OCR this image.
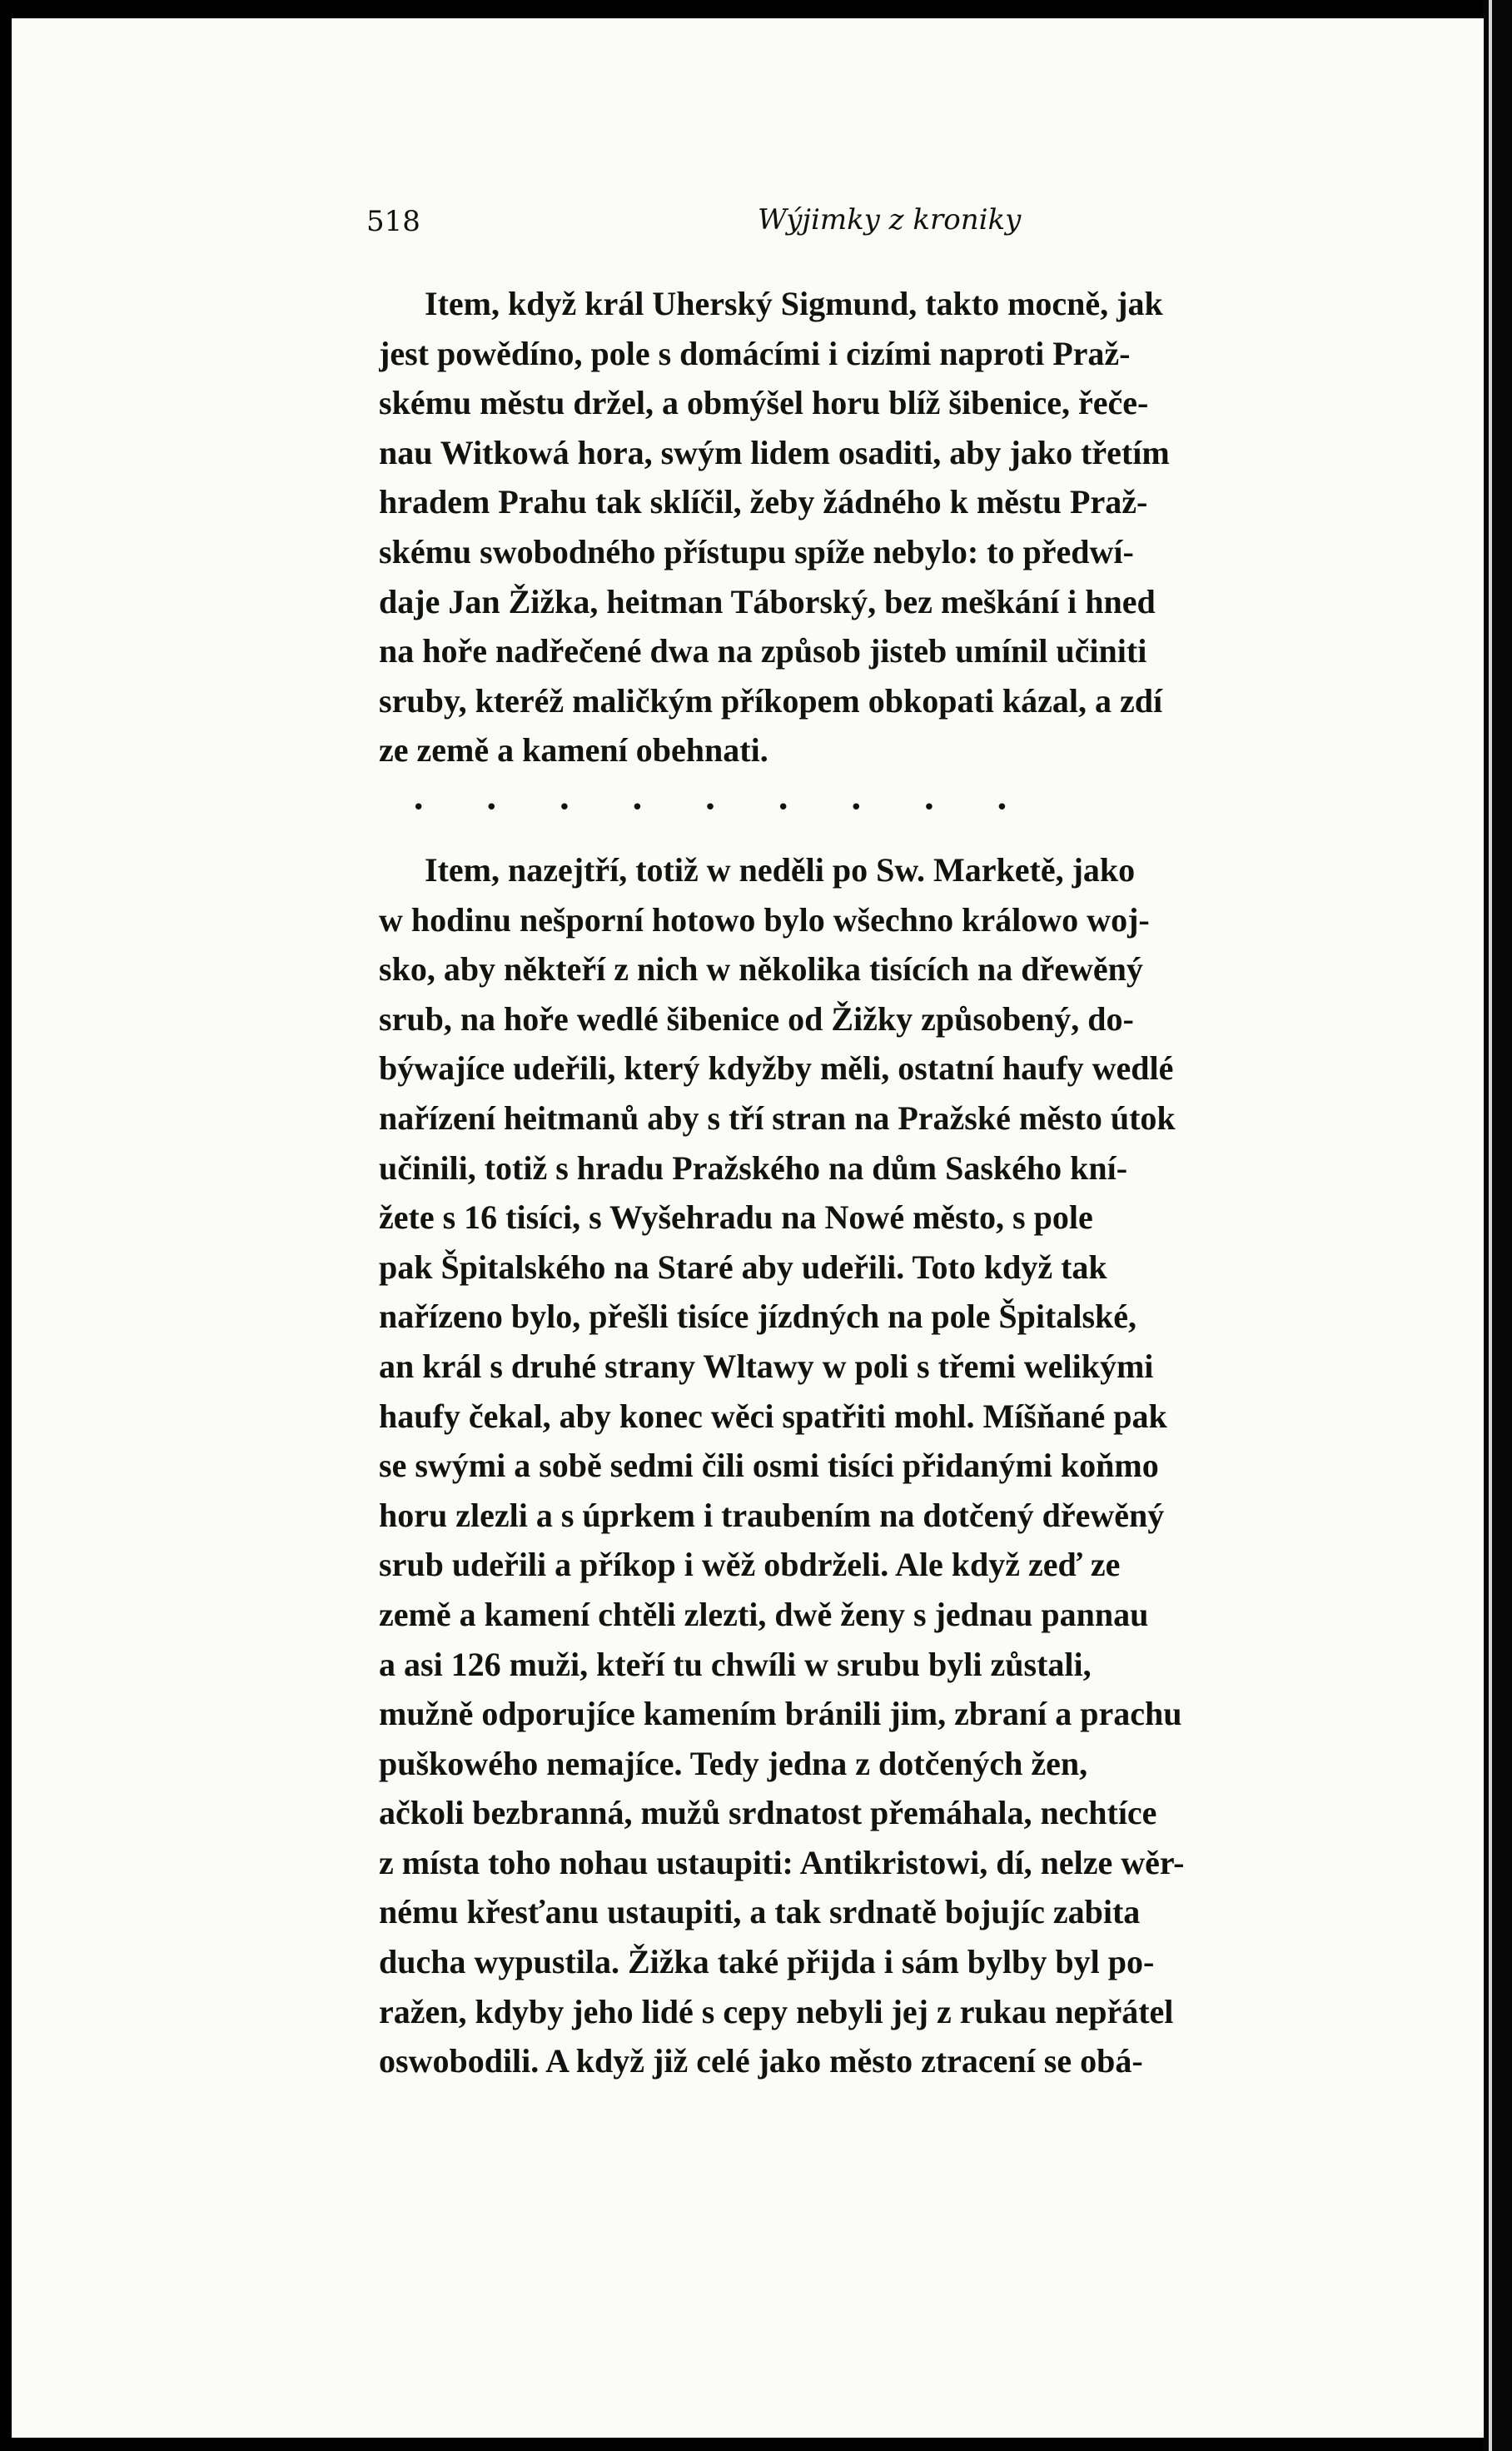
518	Wýjimky z kroniky
Item, když král Uherský Sigmund, takto mocně, jak
jest powědíno, pole s domácími i cizími naproti Praž-
skému městu držel, a obmýšel horu blíž šibenice, řeče-
nau Witkowá hora, swým lidem osaditi, aby jako třetím
hradem Prahu tak sklíčil, žeby žádného k městu Praž-
skému swobodného přístupu spíže nebylo: to předwí-
daje Jan Žižka, heitman Táborský, bez meškání i hned
na hoře nadřečené dwa na způsob jisteb umínil učiniti
sruby, kteréž maličkým příkopem obkopati kázal, a zdí
ze země a kamení obehnati.
• • • • • • • • •
Item, nazejtří, totiž w neděli po Sw. Marketě, jako
w hodinu nešporní hotowo bylo wšechno králowo woj-
sko, aby někteří z nich w několika tisících na dřewěný
srub, na hoře wedlé šibenice od Žižky způsobený, do-
býwajíce udeřili, který kdyžby měli, ostatní haufy wedlé
nařízení heitmanů aby s tří stran na Pražské město útok
učinili, totiž s hradu Pražského na dům Saského kní-
žete s 16 tisíci, s Wyšehradu na Nowé město, s pole
pak Špitalského na Staré aby udeřili. Toto když tak
nařízeno bylo, přešli tisíce jízdných na pole Špitalské,
an král s druhé strany Wltawy w poli s třemi welikými
haufy čekal, aby konec wěci spatřiti mohl. Míšňané pak
se swými a sobě sedmi čili osmi tisíci přidanými koňmo
horu zlezli a s úprkem i traubením na dotčený dřewěný
srub udeřili a příkop i wěž obdrželi. Ale když zeď ze
země a kamení chtěli zlezti, dwě ženy s jednau pannau
a asi 126 muži, kteří tu chwíli w srubu byli zůstali,
mužně odporujíce kamením bránili jim, zbraní a prachu
puškowého nemajíce. Tedy jedna z dotčených žen,
ačkoli bezbranná, mužů srdnatost přemáhala, nechtíce
z místa toho nohau ustaupiti: Antikristowi, dí, nelze wěr-
nému křesťanu ustaupiti, a tak srdnatě bojujíc zabita
ducha wypustila. Žižka také přijda i sám bylby byl po-
ražen, kdyby jeho lidé s cepy nebyli jej z rukau nepřátel
oswobodili. A když již celé jako město ztracení se obá-
